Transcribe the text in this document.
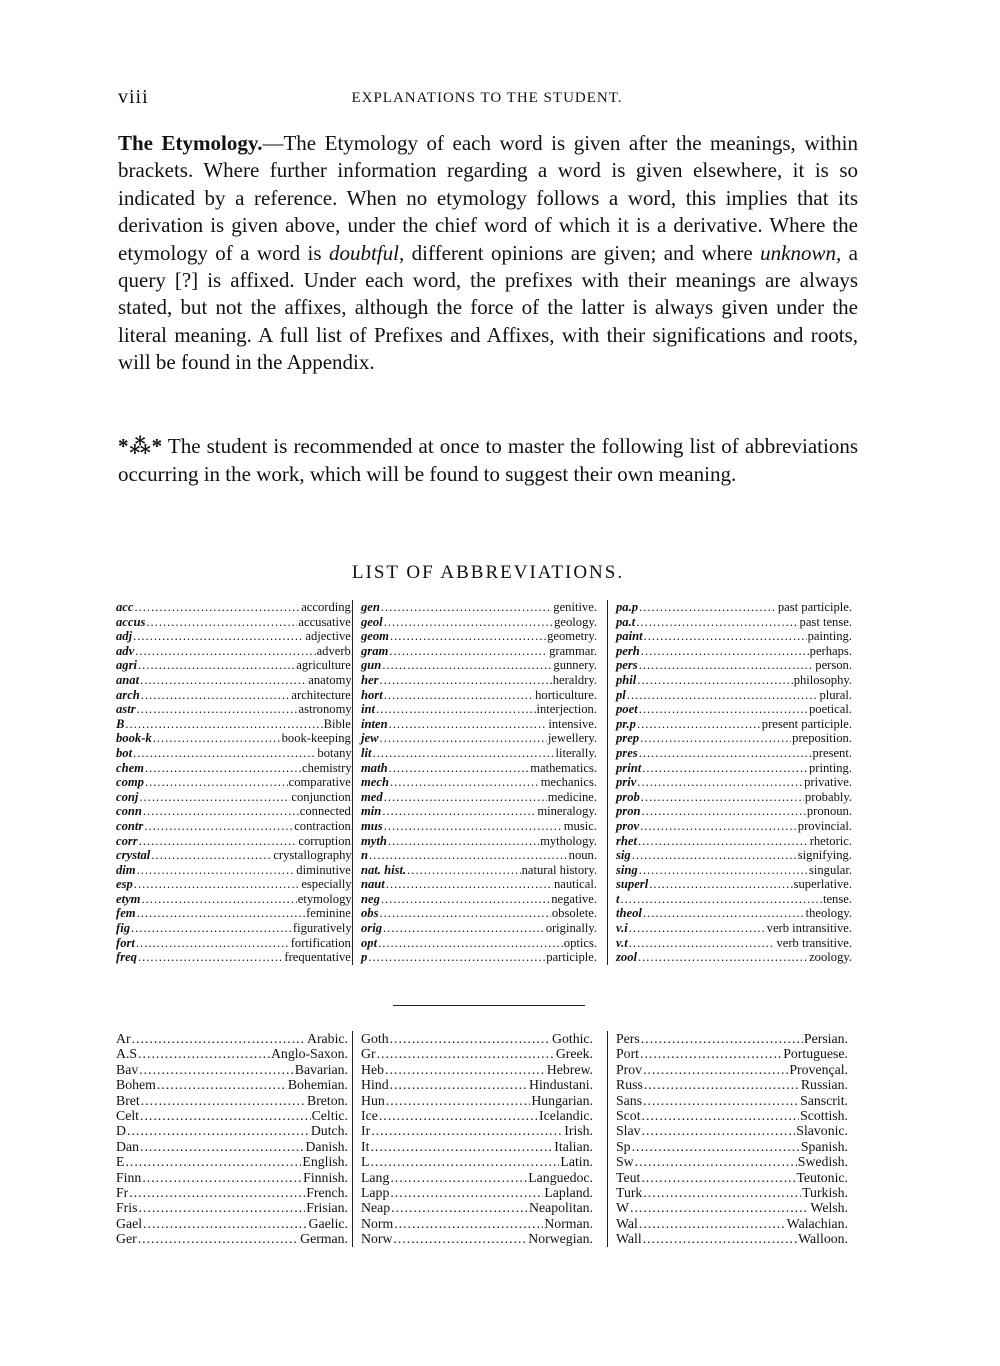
viii	EXPLANATIONS TO THE STUDENT.

The Etymology.—The Etymology of each word is given after the meanings, within brackets. Where further information regarding a word is given elsewhere, it is so indicated by a reference. When no etymology follows a word, this implies that its derivation is given above, under the chief word of which it is a derivative. Where the etymology of a word is doubtful, different opinions are given; and where unknown, a query [?] is affixed. Under each word, the prefixes with their meanings are always stated, but not the affixes, although the force of the latter is always given under the literal meaning. A full list of Prefixes and Affixes, with their significations and roots, will be found in the Appendix.

*⁂* The student is recommended at once to master the following list of abbreviations occurring in the work, which will be found to suggest their own meaning.

LIST OF ABBREVIATIONS.
acc .....	according.
accus .....	accusative.
adj .....	adjective.
adv .....	adverb.
agri .....	agriculture.
anat .....	anatomy.
arch .....	architecture.
astr .....	astronomy.
B .....	Bible.
book-k .....	book-keeping.
bot .....	botany.
chem .....	chemistry.
comp .....	comparative.
conj .....	conjunction.
conn .....	connected.
contr .....	contraction.
corr .....	corruption.
crystal .....	crystallography.
dim .....	diminutive.
esp .....	especially.
etym .....	etymology.
fem .....	feminine.
fig .....	figuratively.
fort .....	fortification.
freq .....	frequentative.
gen .....	genitive.
geol .....	geology.
geom .....	geometry.
gram .....	grammar.
gun .....	gunnery.
her .....	heraldry.
hort .....	horticulture.
int .....	interjection.
inten .....	intensive.
jew .....	jewellery.
lit .....	literally.
math .....	mathematics.
mech .....	mechanics.
med .....	medicine.
min .....	mineralogy.
mus .....	music.
myth .....	mythology.
n .....	noun.
nat. hist. .....	natural history.
naut .....	nautical.
neg .....	negative.
obs .....	obsolete.
orig .....	originally.
opt .....	optics.
p .....	participle.
pa.p .....	past participle.
pa.t .....	past tense.
paint .....	painting.
perh .....	perhaps.
pers .....	person.
phil .....	philosophy.
pl .....	plural.
poet .....	poetical.
pr.p .....	present participle.
prep .....	preposition.
pres .....	present.
print .....	printing.
priv .....	privative.
prob .....	probably.
pron .....	pronoun.
prov .....	provincial.
rhet .....	rhetoric.
sig .....	signifying.
sing .....	singular.
superl .....	superlative.
t .....	tense.
theol .....	theology.
v.i .....	verb intransitive.
v.t .....	verb transitive.
zool .....	zoology.
Ar .....	Arabic.
A.S .....	Anglo-Saxon.
Bav .....	Bavarian.
Bohem .....	Bohemian.
Bret .....	Breton.
Celt .....	Celtic.
D .....	Dutch.
Dan .....	Danish.
E .....	English.
Finn .....	Finnish.
Fr .....	French.
Fris .....	Frisian.
Gael .....	Gaelic.
Ger .....	German.
Goth .....	Gothic.
Gr .....	Greek.
Heb .....	Hebrew.
Hind .....	Hindustani.
Hun .....	Hungarian.
Ice .....	Icelandic.
Ir .....	Irish.
It .....	Italian.
L .....	Latin.
Lang .....	Languedoc.
Lapp .....	Lapland.
Neap .....	Neapolitan.
Norm .....	Norman.
Norw .....	Norwegian.
Pers .....	Persian.
Port .....	Portuguese.
Prov .....	Provençal.
Russ .....	Russian.
Sans .....	Sanscrit.
Scot .....	Scottish.
Slav .....	Slavonic.
Sp .....	Spanish.
Sw .....	Swedish.
Teut .....	Teutonic.
Turk .....	Turkish.
W .....	Welsh.
Wal .....	Walachian.
Wall .....	Walloon.
